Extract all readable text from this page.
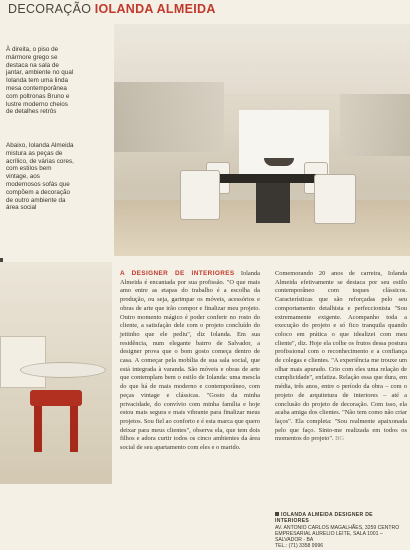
DECORAÇÃO IOLANDA ALMEIDA
À direita, o piso de mármore grego se destaca na sala de jantar, ambiente no qual Iolanda tem uma linda mesa contemporânea com poltronas Bruno e lustre moderno cheios de detalhes retrôs
Abaixo, Iolanda Almeida mistura as peças de acrílico, de várias cores, com estilos bem vintage, aos modernosos sofás que compõem a decoração de outro ambiente da área social
A DESIGNER DE INTERIORES Iolanda Almeida é encantada por sua profissão. "O que mais amo entre as etapas do trabalho é a escolha da produção, ou seja, garimpar os móveis, acessórios e obras de arte que irão compor e finalizar meu projeto. Outro momento mágico é poder conferir no rosto do cliente, a satisfação dele com o projeto concluído do jeitinho que ele pediu", diz Iolanda. Em sua residência, num elegante bairro de Salvador, a designer prova que o bom gosto começa dentro de casa. A começar pela mobília de sua sala social, que está integrada à varanda. São móveis e obras de arte que contemplam bem o estilo de Iolanda: uma mescla do que há de mais moderno e contemporâneo, com peças vintage e clássicas. "Gosto da minha privacidade, do convívio com minha família e hoje estou mais segura e mais vibrante para finalizar meus projetos. Sou fiel ao conforto e é esta marca que quero deixar para meus clientes", observa ela, que tem dois filhos e adora curtir todos os cinco ambientes da área social de seu apartamento com eles e o marido.
Comemorando 20 anos de carreira, Iolanda Almeida efetivamente se destaca por seu estilo contemporâneo com toques clássicos. Características que são reforçadas pelo seu comportamento detalhista e perfeccionista "Sou extremamente exigente. Acompanho toda a execução do projeto e só fico tranquila quando coloco em prática o que idealizei com meu cliente", diz. Hoje ela colhe os frutos dessa postura profissional com o reconhecimento e a confiança de colegas e clientes. "A experiência me trouxe um olhar mais apurado. Crio com eles uma relação de cumplicidade", enfatiza. Relação essa que dura, em média, três anos, entre o período da obra – com o projeto de arquitetura de interiores – até a conclusão do projeto de decoração. Com isso, ela acaba amiga dos clientes. "Não tem como não criar laços". Ela completa: "Sou realmente apaixonada pelo que faço. Sinto-me realizada em todos os momentos do projeto". BG
IOLANDA ALMEIDA DESIGNER DE INTERIORES
AV. ANTONIO CARLOS MAGALHÃES, 3259 CENTRO EMPRESARIAL AURELIO LEITE, SALA 1001 – SALVADOR - BA
TEL.: (71) 3358 9996
